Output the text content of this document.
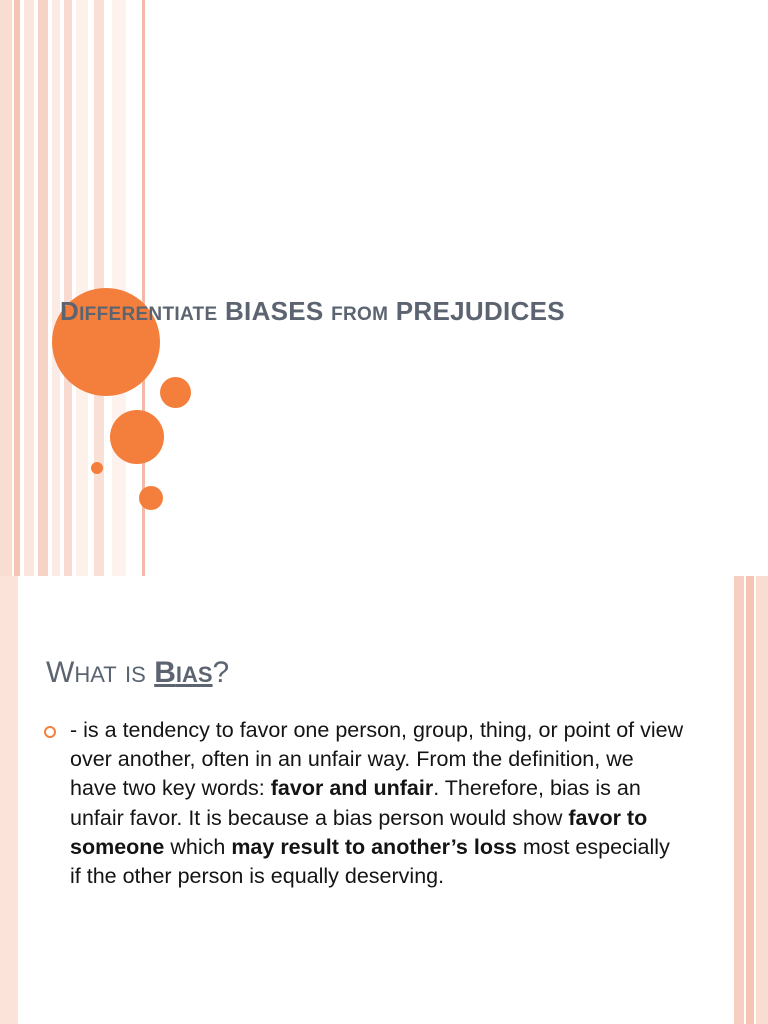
DIFFERENTIATE BIASES FROM PREJUDICES
WHAT IS BIAS?
- is a tendency to favor one person, group, thing, or point of view over another, often in an unfair way. From the definition, we have two key words: favor and unfair. Therefore, bias is an unfair favor. It is because a bias person would show favor to someone which may result to another’s loss most especially if the other person is equally deserving.
